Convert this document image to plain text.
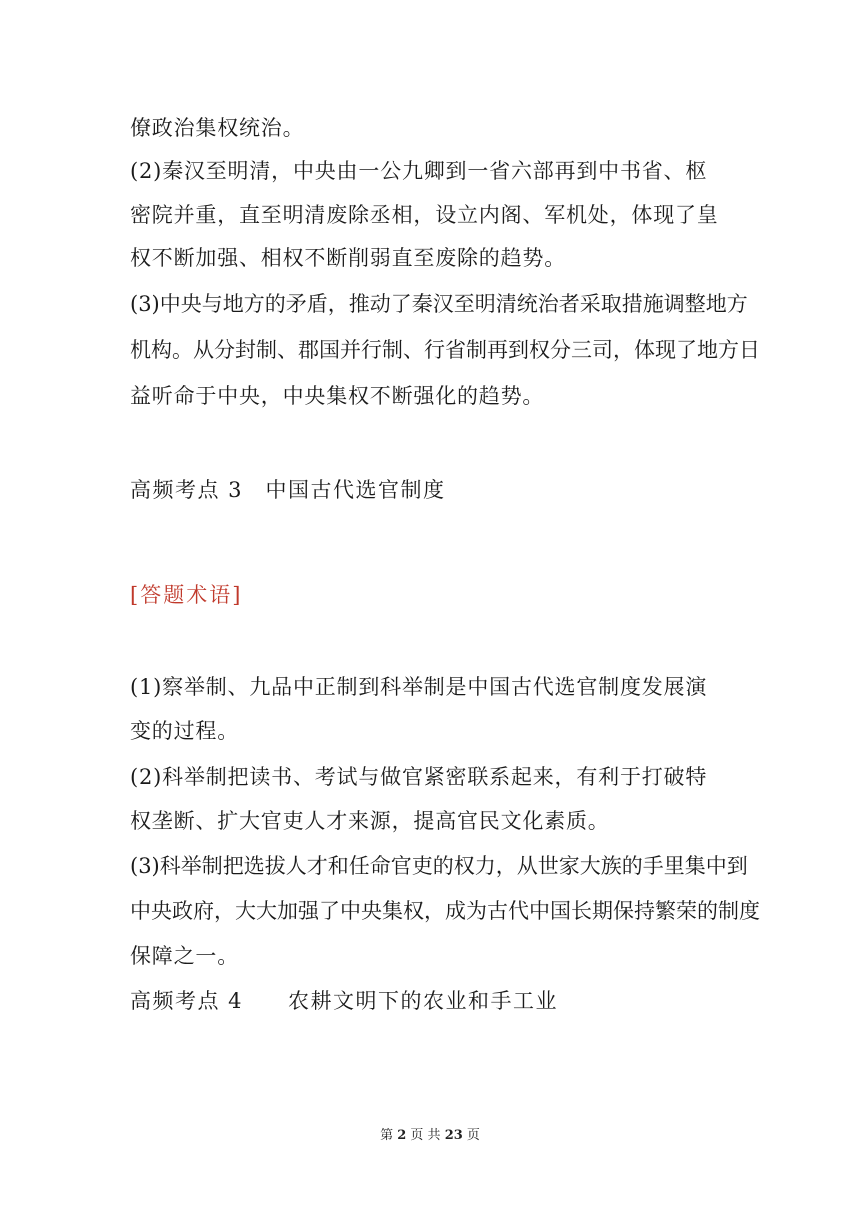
僚政治集权统治。
(2)秦汉至明清，中央由一公九卿到一省六部再到中书省、枢
密院并重，直至明清废除丞相，设立内阁、军机处，体现了皇
权不断加强、相权不断削弱直至废除的趋势。
(3)中央与地方的矛盾，推动了秦汉至明清统治者采取措施调整地方
机构。从分封制、郡国并行制、行省制再到权分三司，体现了地方日
益听命于中央，中央集权不断强化的趋势。
高频考点 3　中国古代选官制度
[答题术语]
(1)察举制、九品中正制到科举制是中国古代选官制度发展演
变的过程。
(2)科举制把读书、考试与做官紧密联系起来，有利于打破特
权垄断、扩大官吏人才来源，提高官民文化素质。
(3)科举制把选拔人才和任命官吏的权力，从世家大族的手里集中到
中央政府，大大加强了中央集权，成为古代中国长期保持繁荣的制度
保障之一。
高频考点 4　　农耕文明下的农业和手工业
第 2 页 共 23 页
